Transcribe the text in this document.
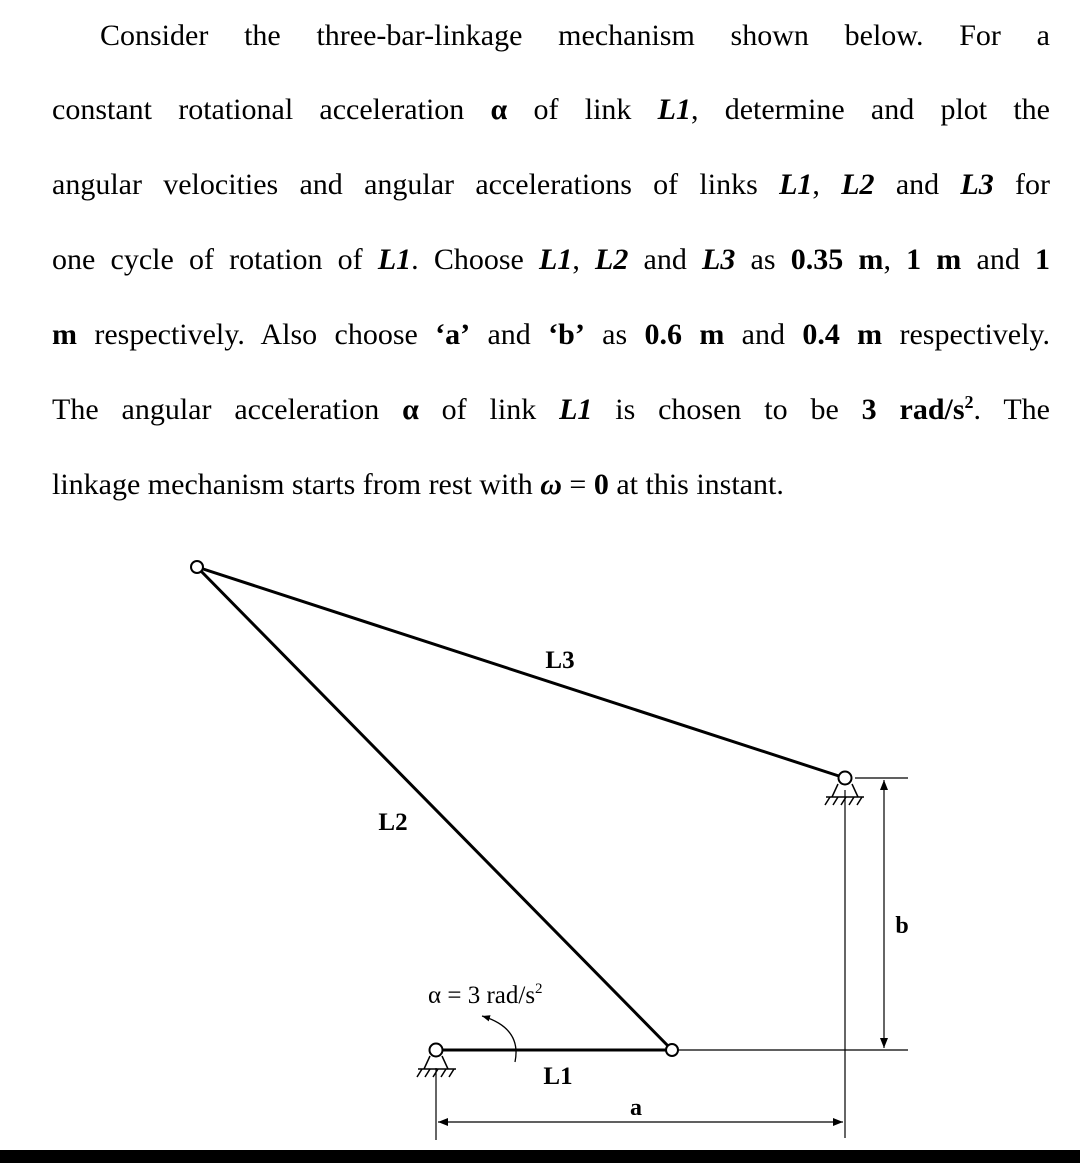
Consider the three-bar-linkage mechanism shown below. For a
constant rotational acceleration α of link L1, determine and plot the
angular velocities and angular accelerations of links L1, L2 and L3 for
one cycle of rotation of L1. Choose L1, L2 and L3 as 0.35 m, 1 m and 1
m respectively. Also choose ‘a’ and ‘b’ as 0.6 m and 0.4 m respectively.
The angular acceleration α of link L1 is chosen to be 3 rad/$s^2$. The
linkage mechanism starts from rest with ω = 0 at this instant.
L3
L2
L1
b
a
α = 3 rad/$s^2$
